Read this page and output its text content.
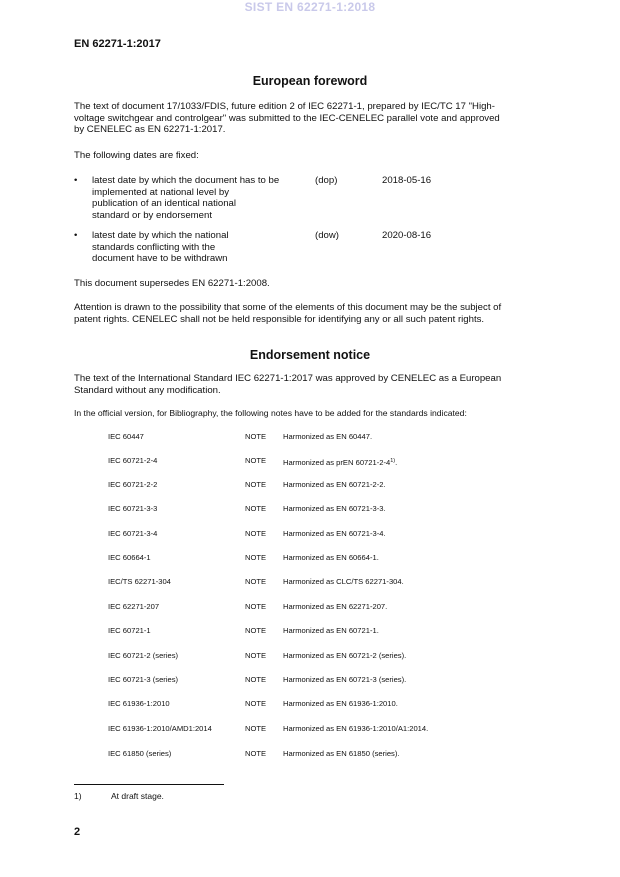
SIST EN 62271-1:2018
EN 62271-1:2017
European foreword
The text of document 17/1033/FDIS, future edition 2 of IEC 62271-1, prepared by IEC/TC 17 "High-
voltage switchgear and controlgear" was submitted to the IEC-CENELEC parallel vote and approved
by CENELEC as EN 62271-1:2017.
The following dates are fixed:
• latest date by which the document has to be
implemented at national level by
publication of an identical national
standard or by endorsement
(dop)	2018-05-16
• latest date by which the national
standards conflicting with the
document have to be withdrawn
(dow)	2020-08-16
This document supersedes EN 62271-1:2008.
Attention is drawn to the possibility that some of the elements of this document may be the subject of
patent rights. CENELEC shall not be held responsible for identifying any or all such patent rights.
Endorsement notice
The text of the International Standard IEC 62271-1:2017 was approved by CENELEC as a European
Standard without any modification.
In the official version, for Bibliography, the following notes have to be added for the standards indicated:
IEC 60447	NOTE Harmonized as EN 60447.
IEC 60721-2-4	NOTE Harmonized as prEN 60721-2-4$^{1)}$.
IEC 60721-2-2	NOTE Harmonized as EN 60721-2-2.
IEC 60721-3-3	NOTE Harmonized as EN 60721-3-3.
IEC 60721-3-4	NOTE Harmonized as EN 60721-3-4.
IEC 60664-1	NOTE Harmonized as EN 60664-1.
IEC/TS 62271-304	NOTE Harmonized as CLC/TS 62271-304.
IEC 62271-207	NOTE Harmonized as EN 62271-207.
IEC 60721-1	NOTE Harmonized as EN 60721-1.
IEC 60721-2 (series)	NOTE Harmonized as EN 60721-2 (series).
IEC 60721-3 (series)	NOTE Harmonized as EN 60721-3 (series).
IEC 61936-1:2010	NOTE Harmonized as EN 61936-1:2010.
IEC 61936-1:2010/AMD1:2014	NOTE Harmonized as EN 61936-1:2010/A1:2014.
IEC 61850 (series)	NOTE Harmonized as EN 61850 (series).
1)	At draft stage.
2
